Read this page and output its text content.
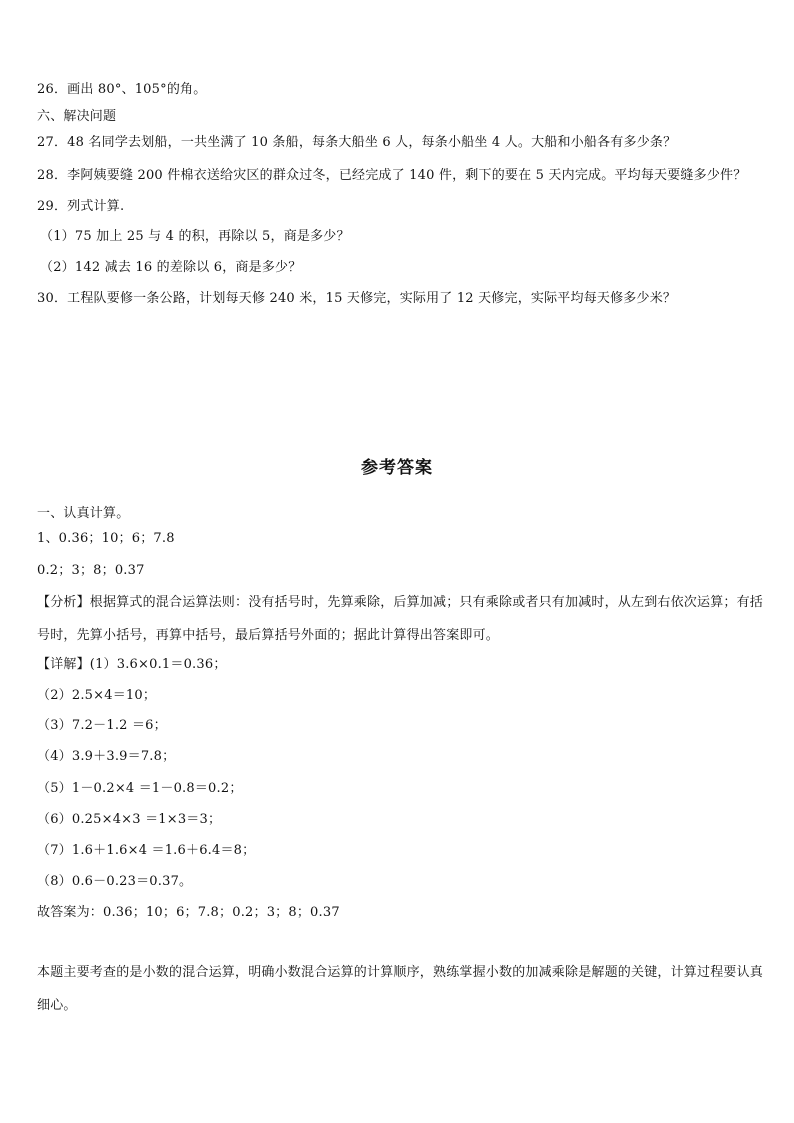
26．画出 80°、105°的角。
六、解决问题
27．48 名同学去划船，一共坐满了 10 条船，每条大船坐 6 人，每条小船坐 4 人。大船和小船各有多少条？
28．李阿姨要缝 200 件棉衣送给灾区的群众过冬，已经完成了 140 件，剩下的要在 5 天内完成。平均每天要缝多少件？
29．列式计算.
（1）75 加上 25 与 4 的积，再除以 5，商是多少？
（2）142 减去 16 的差除以 6，商是多少？
30．工程队要修一条公路，计划每天修 240 米，15 天修完，实际用了 12 天修完，实际平均每天修多少米？
参考答案
一、认真计算。
1、0.36；10；6；7.8
0.2；3；8；0.37
【分析】根据算式的混合运算法则：没有括号时，先算乘除，后算加减；只有乘除或者只有加减时，从左到右依次运算；有括号时，先算小括号，再算中括号，最后算括号外面的；据此计算得出答案即可。
【详解】(1）3.6×0.1＝0.36；
（2）2.5×4＝10；
（3）7.2－1.2 ＝6；
（4）3.9＋3.9＝7.8；
（5）1－0.2×4 ＝1－0.8＝0.2；
（6）0.25×4×3 ＝1×3＝3；
（7）1.6＋1.6×4 ＝1.6＋6.4＝8；
（8）0.6－0.23＝0.37。
故答案为：0.36；10；6；7.8；0.2；3；8；0.37
本题主要考查的是小数的混合运算，明确小数混合运算的计算顺序，熟练掌握小数的加减乘除是解题的关键，计算过程要认真细心。
